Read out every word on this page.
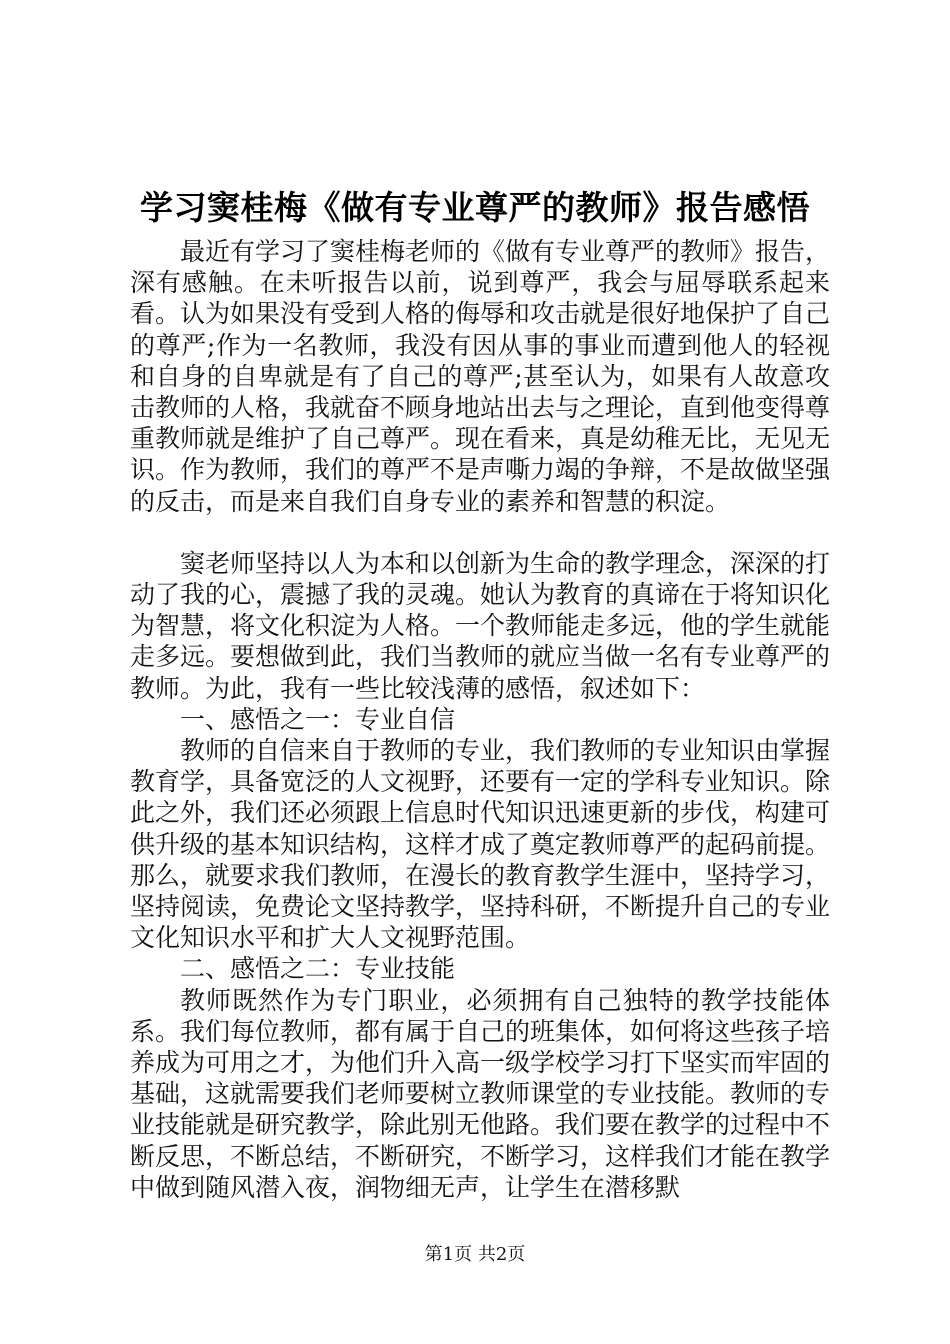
学习窦桂梅《做有专业尊严的教师》报告感悟

最近有学习了窦桂梅老师的《做有专业尊严的教师》报告，深有感触。在未听报告以前，说到尊严，我会与屈辱联系起来看。认为如果没有受到人格的侮辱和攻击就是很好地保护了自己的尊严;作为一名教师，我没有因从事的事业而遭到他人的轻视和自身的自卑就是有了自己的尊严;甚至认为，如果有人故意攻击教师的人格，我就奋不顾身地站出去与之理论，直到他变得尊重教师就是维护了自己尊严。现在看来，真是幼稚无比，无见无识。作为教师，我们的尊严不是声嘶力竭的争辩，不是故做坚强的反击，而是来自我们自身专业的素养和智慧的积淀。

窦老师坚持以人为本和以创新为生命的教学理念，深深的打动了我的心，震撼了我的灵魂。她认为教育的真谛在于将知识化为智慧，将文化积淀为人格。一个教师能走多远，他的学生就能走多远。要想做到此，我们当教师的就应当做一名有专业尊严的教师。为此，我有一些比较浅薄的感悟，叙述如下：

一、感悟之一：专业自信

教师的自信来自于教师的专业，我们教师的专业知识由掌握教育学，具备宽泛的人文视野，还要有一定的学科专业知识。除此之外，我们还必须跟上信息时代知识迅速更新的步伐，构建可供升级的基本知识结构，这样才成了奠定教师尊严的起码前提。那么，就要求我们教师，在漫长的教育教学生涯中，坚持学习，坚持阅读，免费论文坚持教学，坚持科研，不断提升自己的专业文化知识水平和扩大人文视野范围。

二、感悟之二：专业技能

教师既然作为专门职业，必须拥有自己独特的教学技能体系。我们每位教师，都有属于自己的班集体，如何将这些孩子培养成为可用之才，为他们升入高一级学校学习打下坚实而牢固的基础，这就需要我们老师要树立教师课堂的专业技能。教师的专业技能就是研究教学，除此别无他路。我们要在教学的过程中不断反思，不断总结，不断研究，不断学习，这样我们才能在教学中做到随风潜入夜，润物细无声，让学生在潜移默

第1页 共2页
